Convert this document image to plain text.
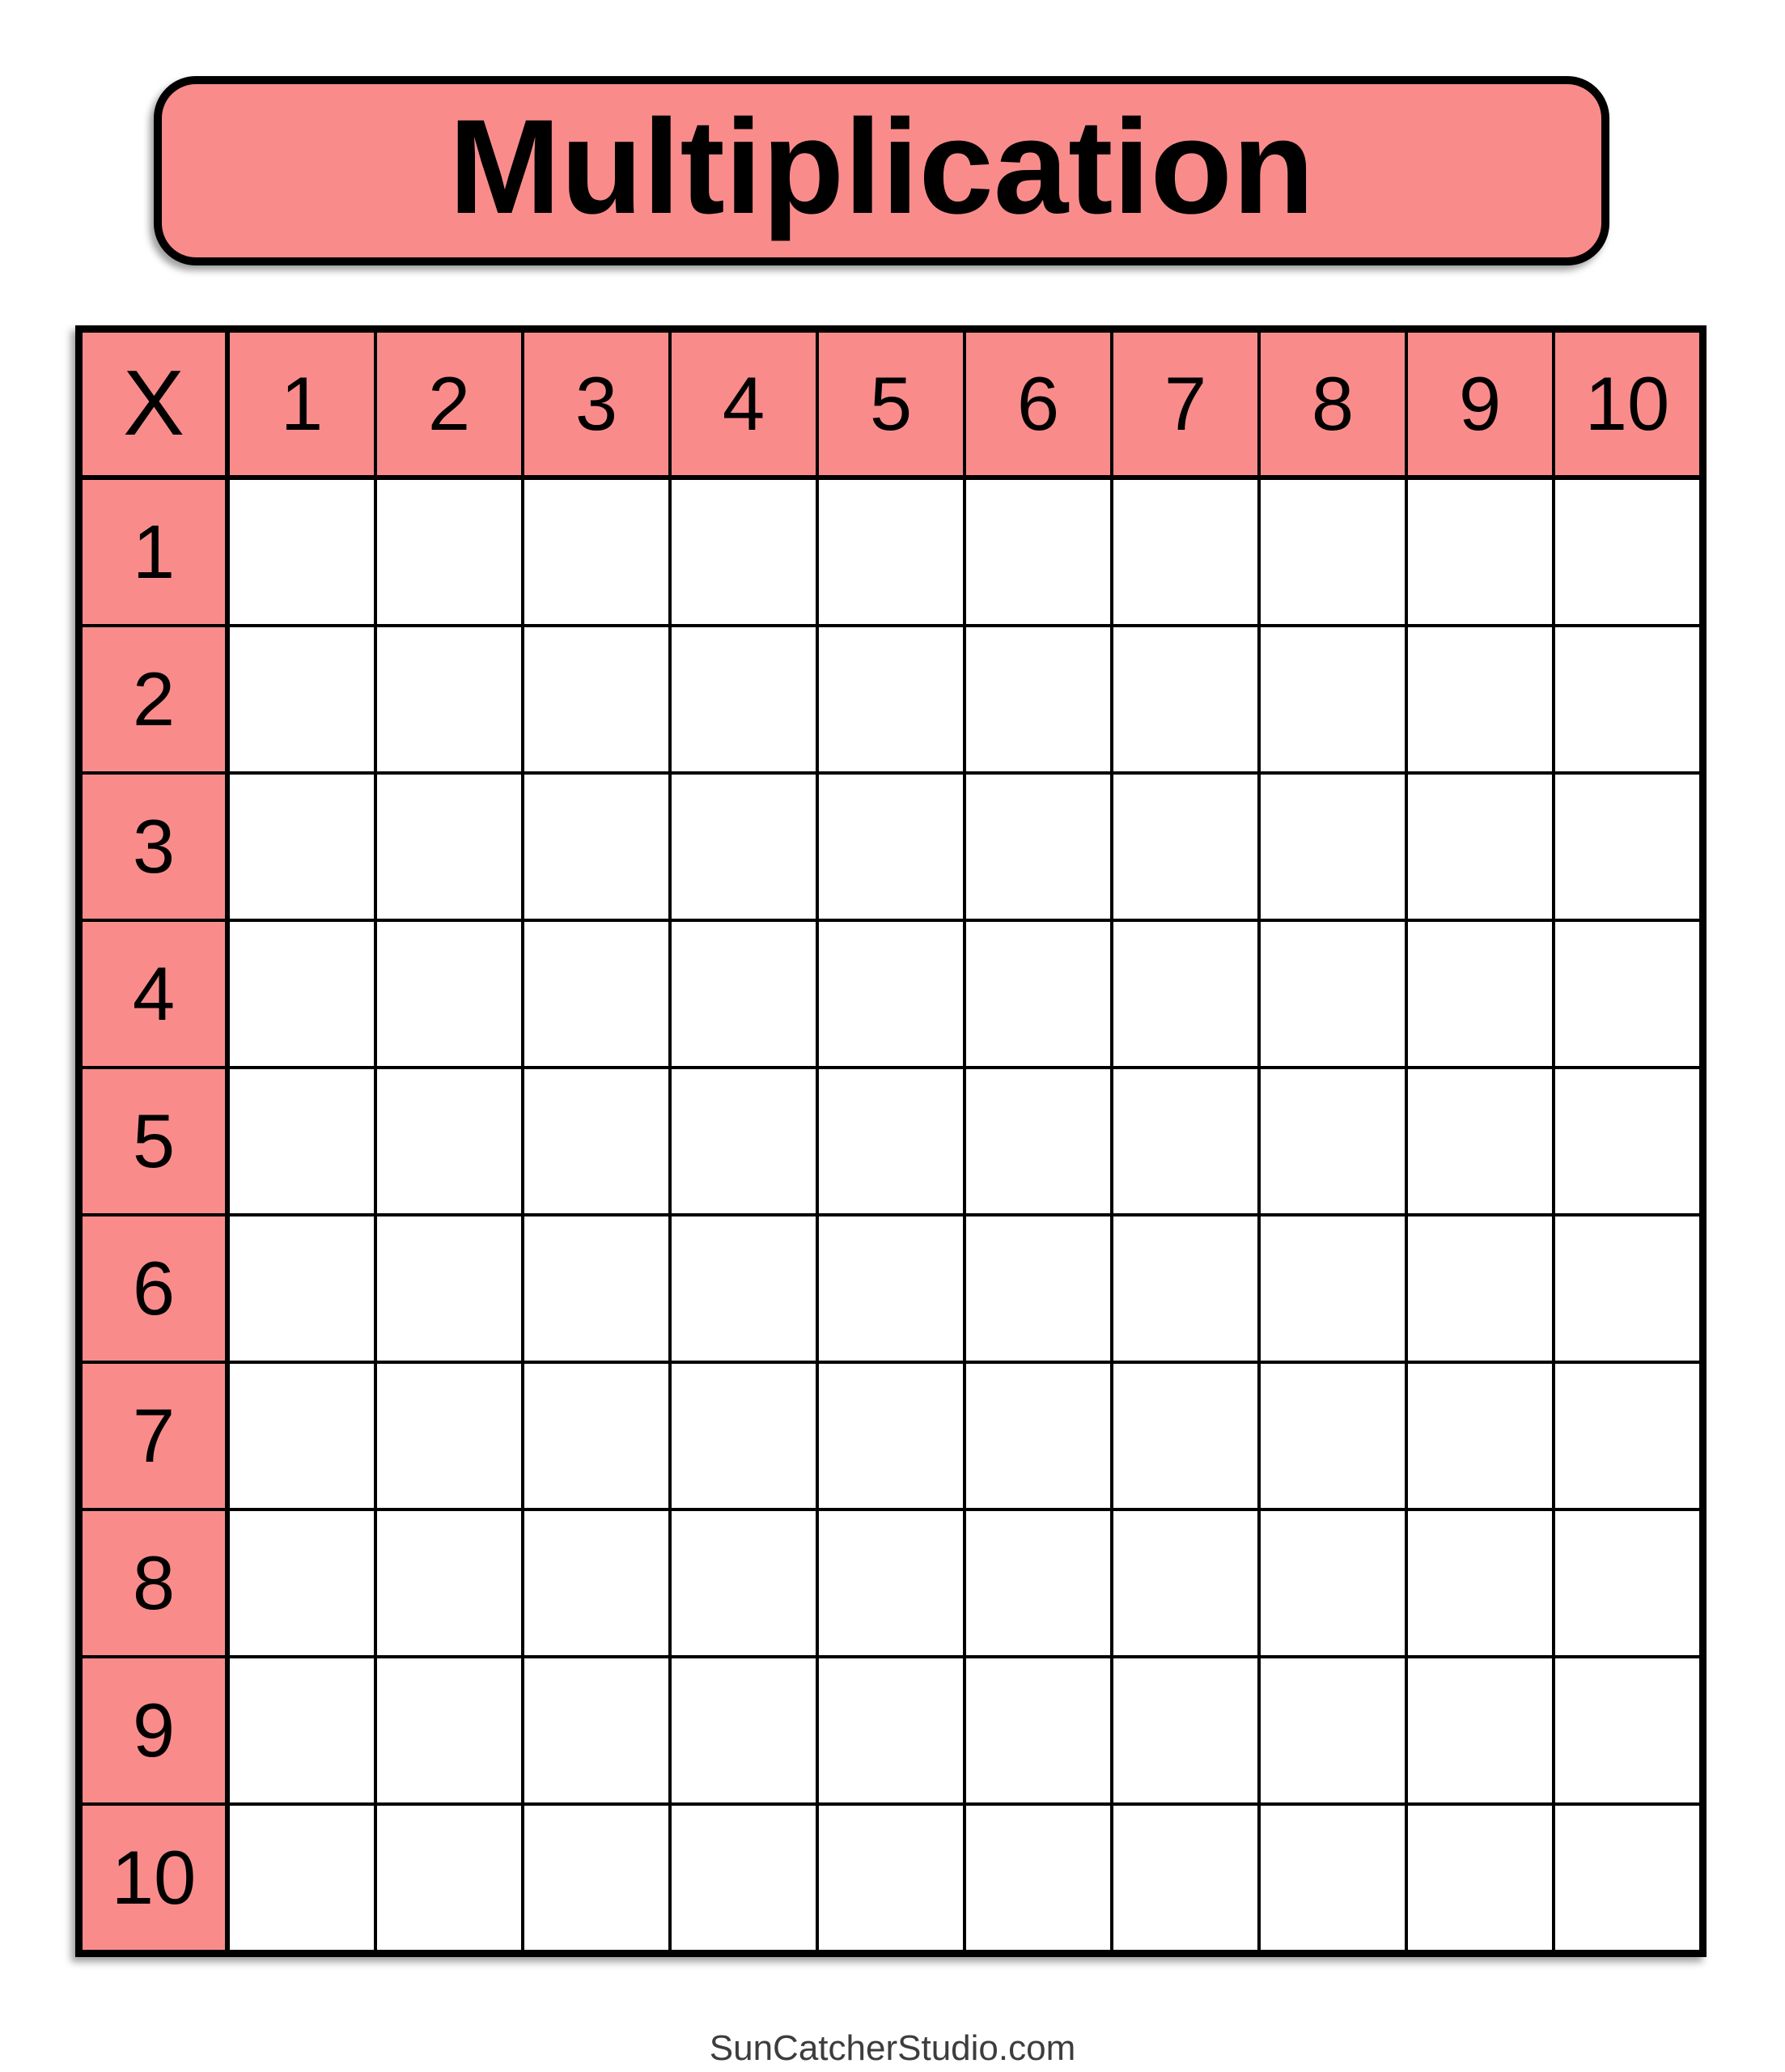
Multiplication
X	1	2	3	4	5	6	7	8	9	10
1
2
3
4
5
6
7
8
9
10
SunCatcherStudio.com
